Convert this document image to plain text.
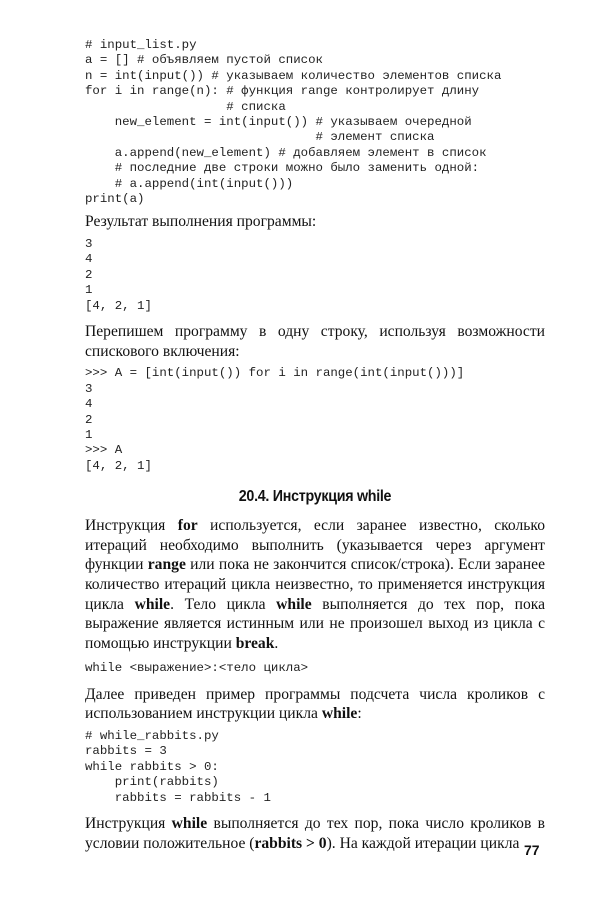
# input_list.py
a = [] # объявляем пустой список
n = int(input()) # указываем количество элементов списка
for i in range(n): # функция range контролирует длину
# списка
new_element = int(input()) # указываем очередной
# элемент списка
a.append(new_element) # добавляем элемент в список
# последние две строки можно было заменить одной:
# a.append(int(input()))
print(a)

Результат выполнения программы:

3
4
2
1
[4, 2, 1]

Перепишем программу в одну строку, используя возможности спискового включения:

>>> A = [int(input()) for i in range(int(input()))]
3
4
2
1
>>> A
[4, 2, 1]
20.4. Инструкция while

Инструкция for используется, если заранее известно, сколько итераций необходимо выполнить (указывается через аргумент функции range или пока не закончится список/строка). Если заранее количество итераций цикла неизвестно, то применяется инструкция цикла while. Тело цикла while выполняется до тех пор, пока выражение является истинным или не произошел выход из цикла с помощью инструкции break.

while <выражение>:<тело цикла>

Далее приведен пример программы подсчета числа кроликов с использованием инструкции цикла while:

# while_rabbits.py
rabbits = 3
while rabbits > 0:
print(rabbits)
rabbits = rabbits - 1

Инструкция while выполняется до тех пор, пока число кроликов в условии положительное (rabbits > 0). На каждой итерации цикла 77
